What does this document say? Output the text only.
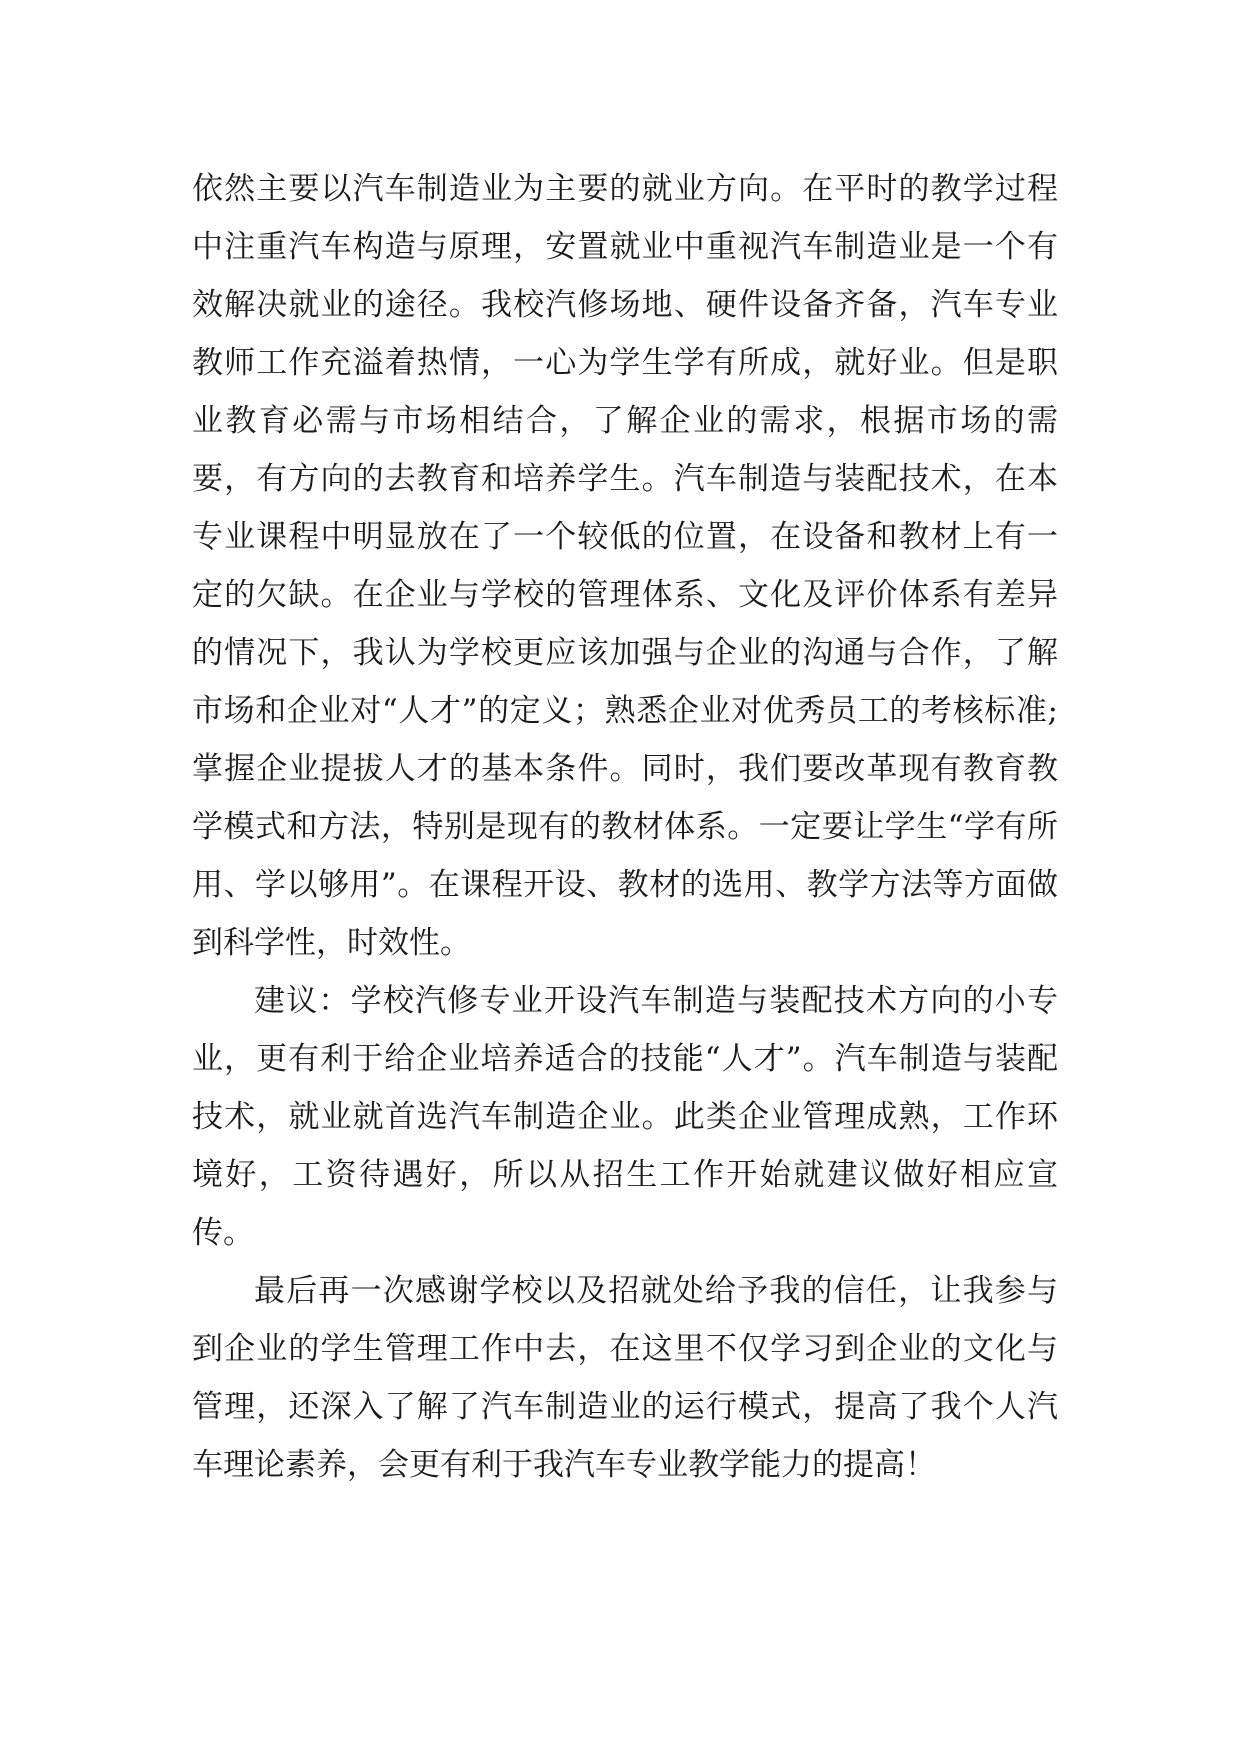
依然主要以汽车制造业为主要的就业方向。在平时的教学过程中注重汽车构造与原理，安置就业中重视汽车制造业是一个有效解决就业的途径。我校汽修场地、硬件设备齐备，汽车专业教师工作充溢着热情，一心为学生学有所成，就好业。但是职业教育必需与市场相结合，了解企业的需求，根据市场的需要，有方向的去教育和培养学生。汽车制造与装配技术，在本专业课程中明显放在了一个较低的位置，在设备和教材上有一定的欠缺。在企业与学校的管理体系、文化及评价体系有差异的情况下，我认为学校更应该加强与企业的沟通与合作，了解市场和企业对“人才”的定义；熟悉企业对优秀员工的考核标准;掌握企业提拔人才的基本条件。同时，我们要改革现有教育教学模式和方法，特别是现有的教材体系。一定要让学生“学有所用、学以够用”。在课程开设、教材的选用、教学方法等方面做到科学性，时效性。

建议：学校汽修专业开设汽车制造与装配技术方向的小专业，更有利于给企业培养适合的技能“人才”。汽车制造与装配技术，就业就首选汽车制造企业。此类企业管理成熟，工作环境好，工资待遇好，所以从招生工作开始就建议做好相应宣传。

最后再一次感谢学校以及招就处给予我的信任，让我参与到企业的学生管理工作中去，在这里不仅学习到企业的文化与管理，还深入了解了汽车制造业的运行模式，提高了我个人汽车理论素养，会更有利于我汽车专业教学能力的提高！
